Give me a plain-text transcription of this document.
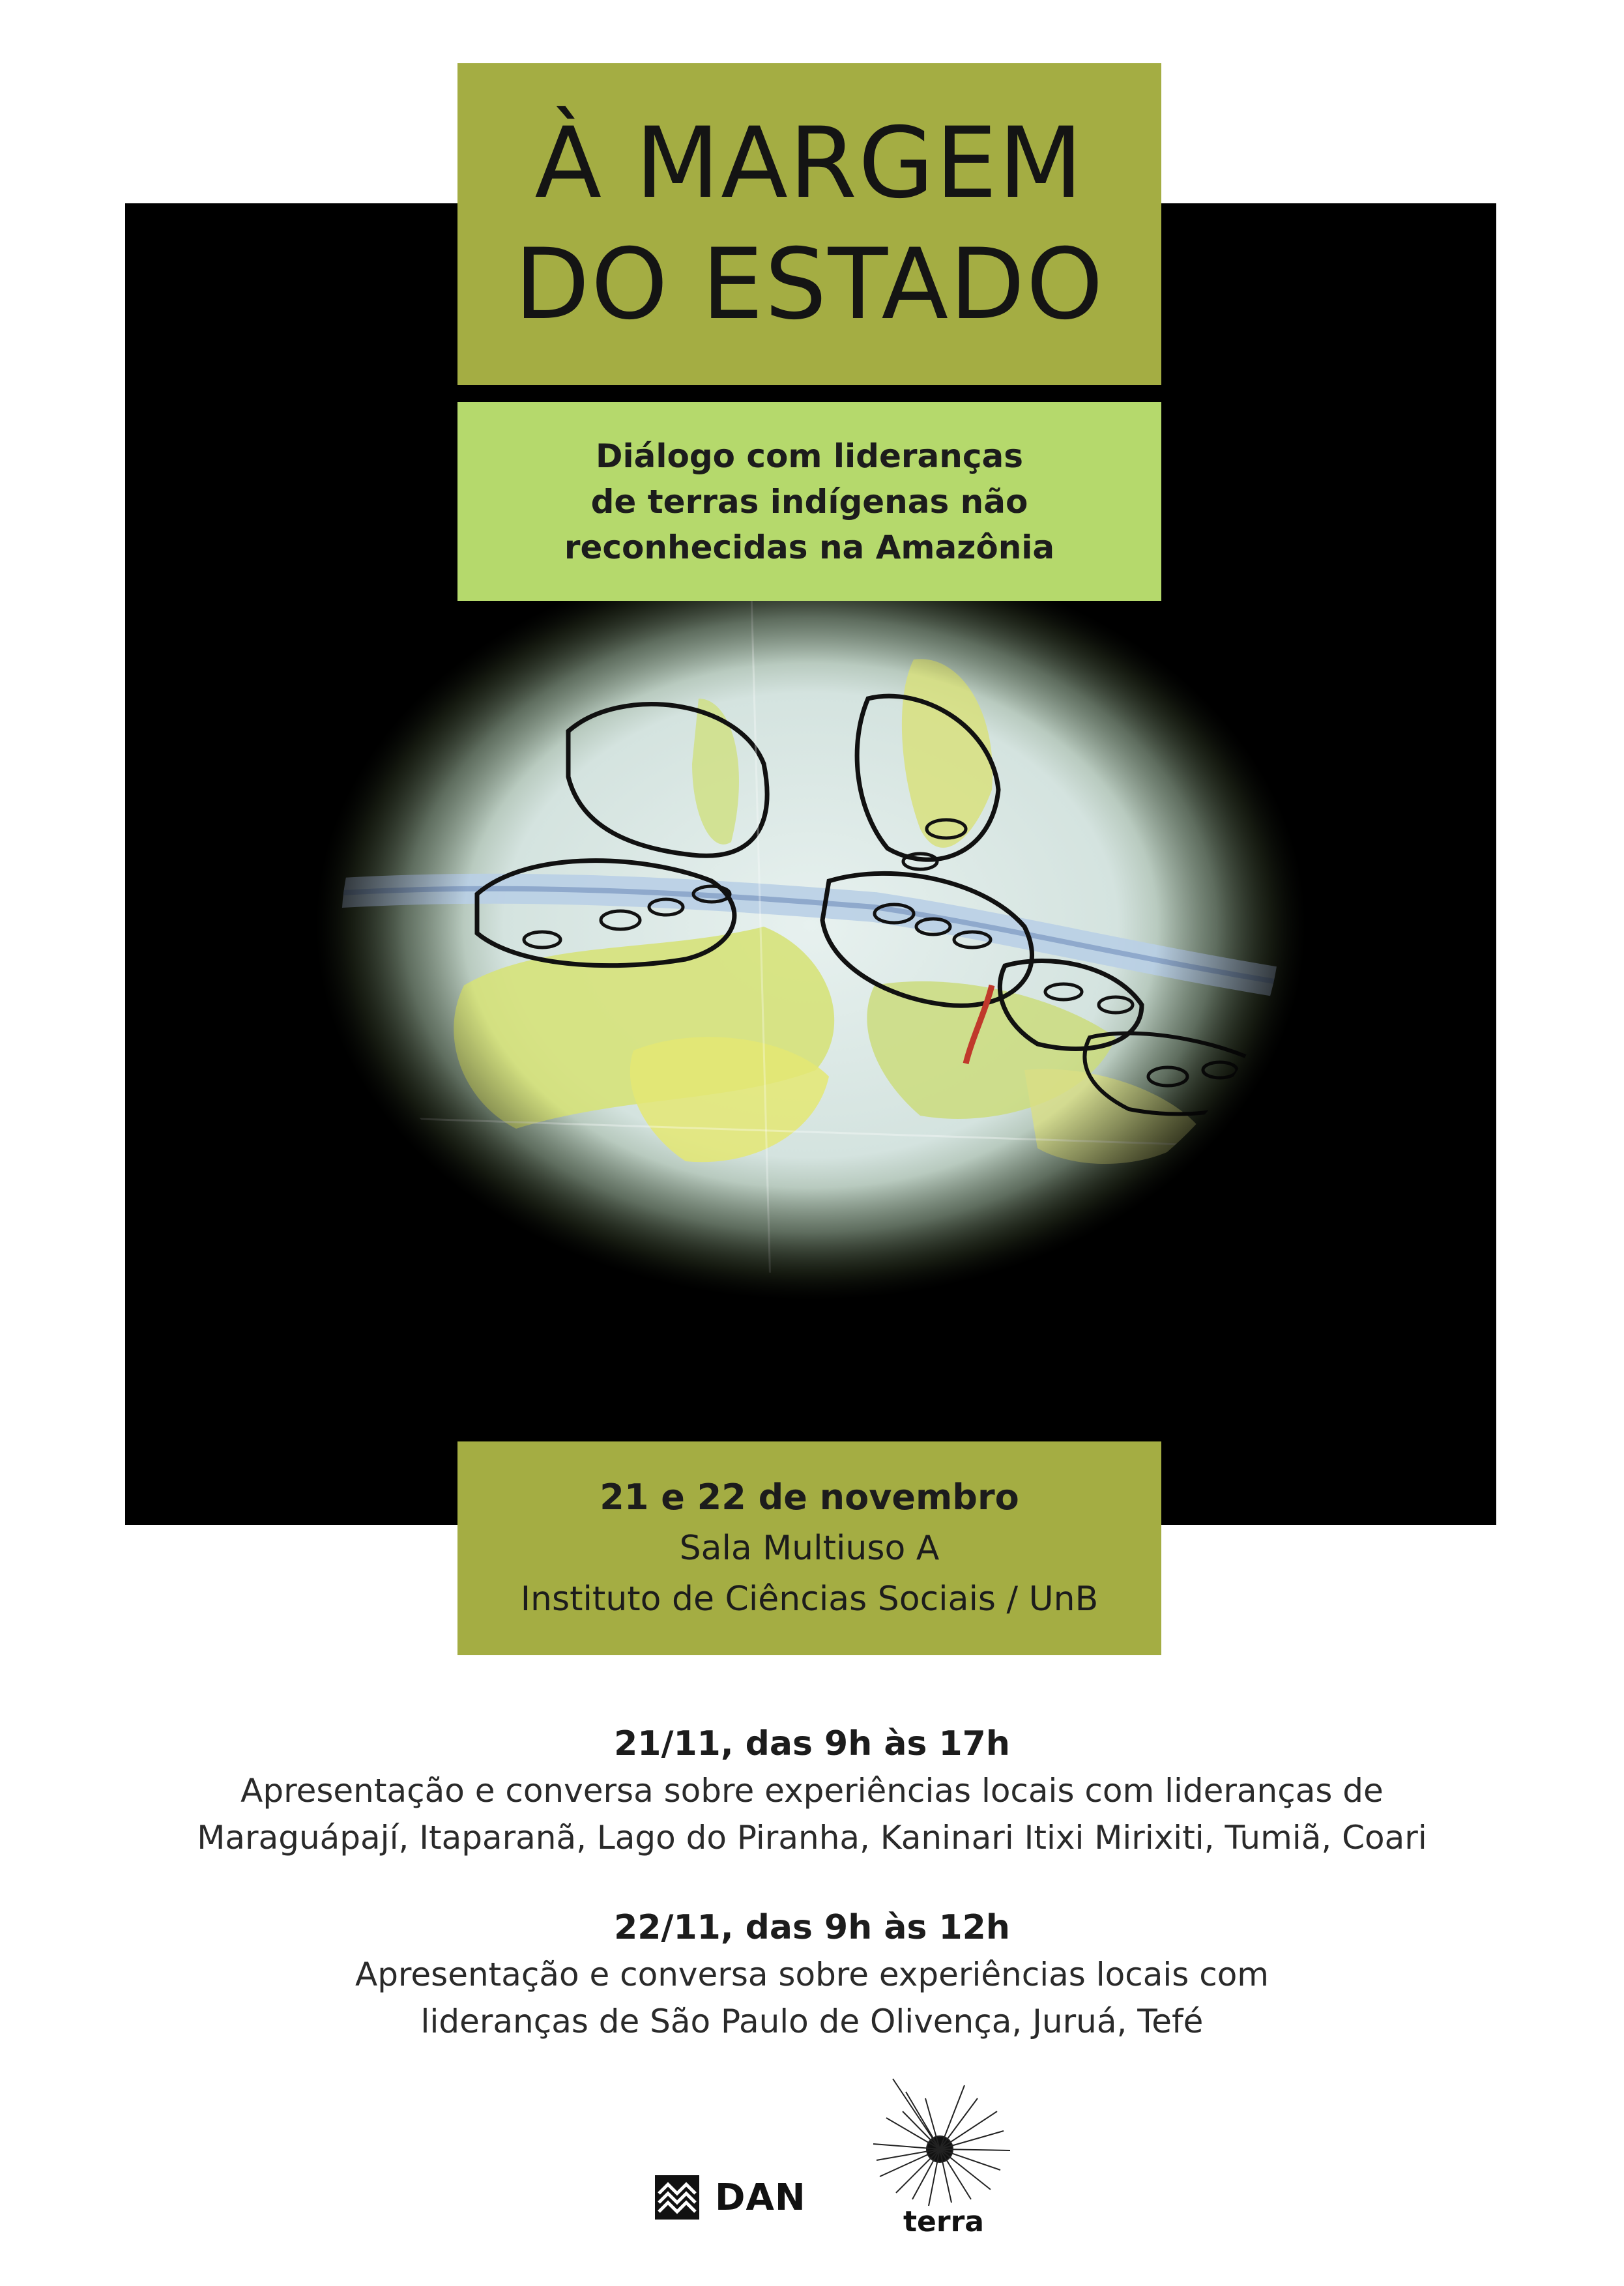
À MARGEM
DO ESTADO
Diálogo com lideranças
de terras indígenas não
reconhecidas na Amazônia
21 e 22 de novembro
Sala Multiuso A
Instituto de Ciências Sociais / UnB
21/11, das 9h às 17h
Apresentação e conversa sobre experiências locais com lideranças de
Maraguápají, Itaparanã, Lago do Piranha, Kaninari Itixi Mirixiti, Tumiã, Coari
22/11, das 9h às 12h
Apresentação e conversa sobre experiências locais com
lideranças de São Paulo de Olivença, Juruá, Tefé
DAN
terra
